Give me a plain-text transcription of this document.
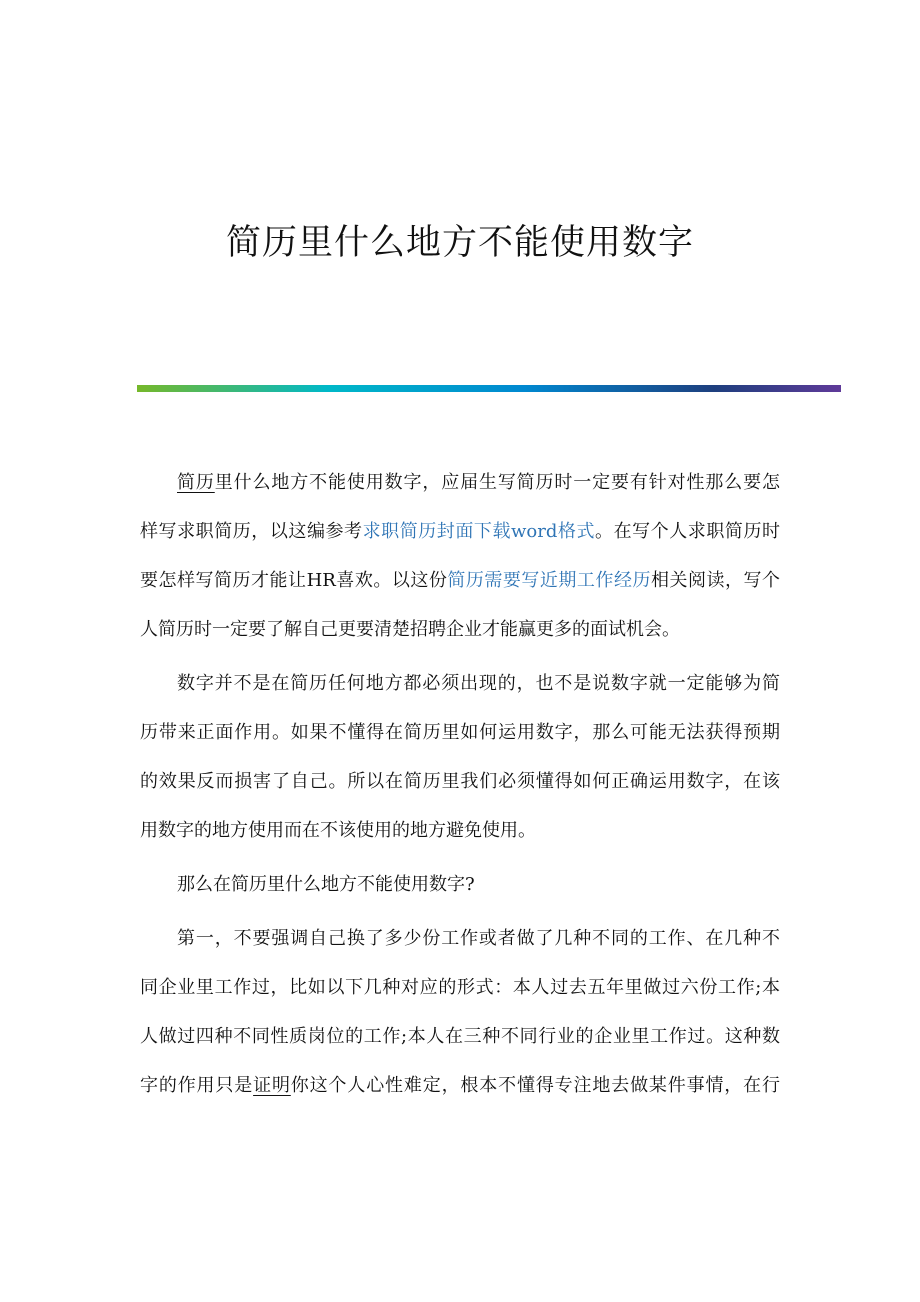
简历里什么地方不能使用数字
简历里什么地方不能使用数字，应届生写简历时一定要有针对性那么要怎
样写求职简历，以这编参考求职简历封面下载word格式。在写个人求职简历时
要怎样写简历才能让HR喜欢。以这份简历需要写近期工作经历相关阅读，写个
人简历时一定要了解自己更要清楚招聘企业才能赢更多的面试机会。
数字并不是在简历任何地方都必须出现的，也不是说数字就一定能够为简
历带来正面作用。如果不懂得在简历里如何运用数字，那么可能无法获得预期
的效果反而损害了自己。所以在简历里我们必须懂得如何正确运用数字，在该
用数字的地方使用而在不该使用的地方避免使用。
那么在简历里什么地方不能使用数字?
第一，不要强调自己换了多少份工作或者做了几种不同的工作、在几种不
同企业里工作过，比如以下几种对应的形式：本人过去五年里做过六份工作;本
人做过四种不同性质岗位的工作;本人在三种不同行业的企业里工作过。这种数
字的作用只是证明你这个人心性难定，根本不懂得专注地去做某件事情，在行
